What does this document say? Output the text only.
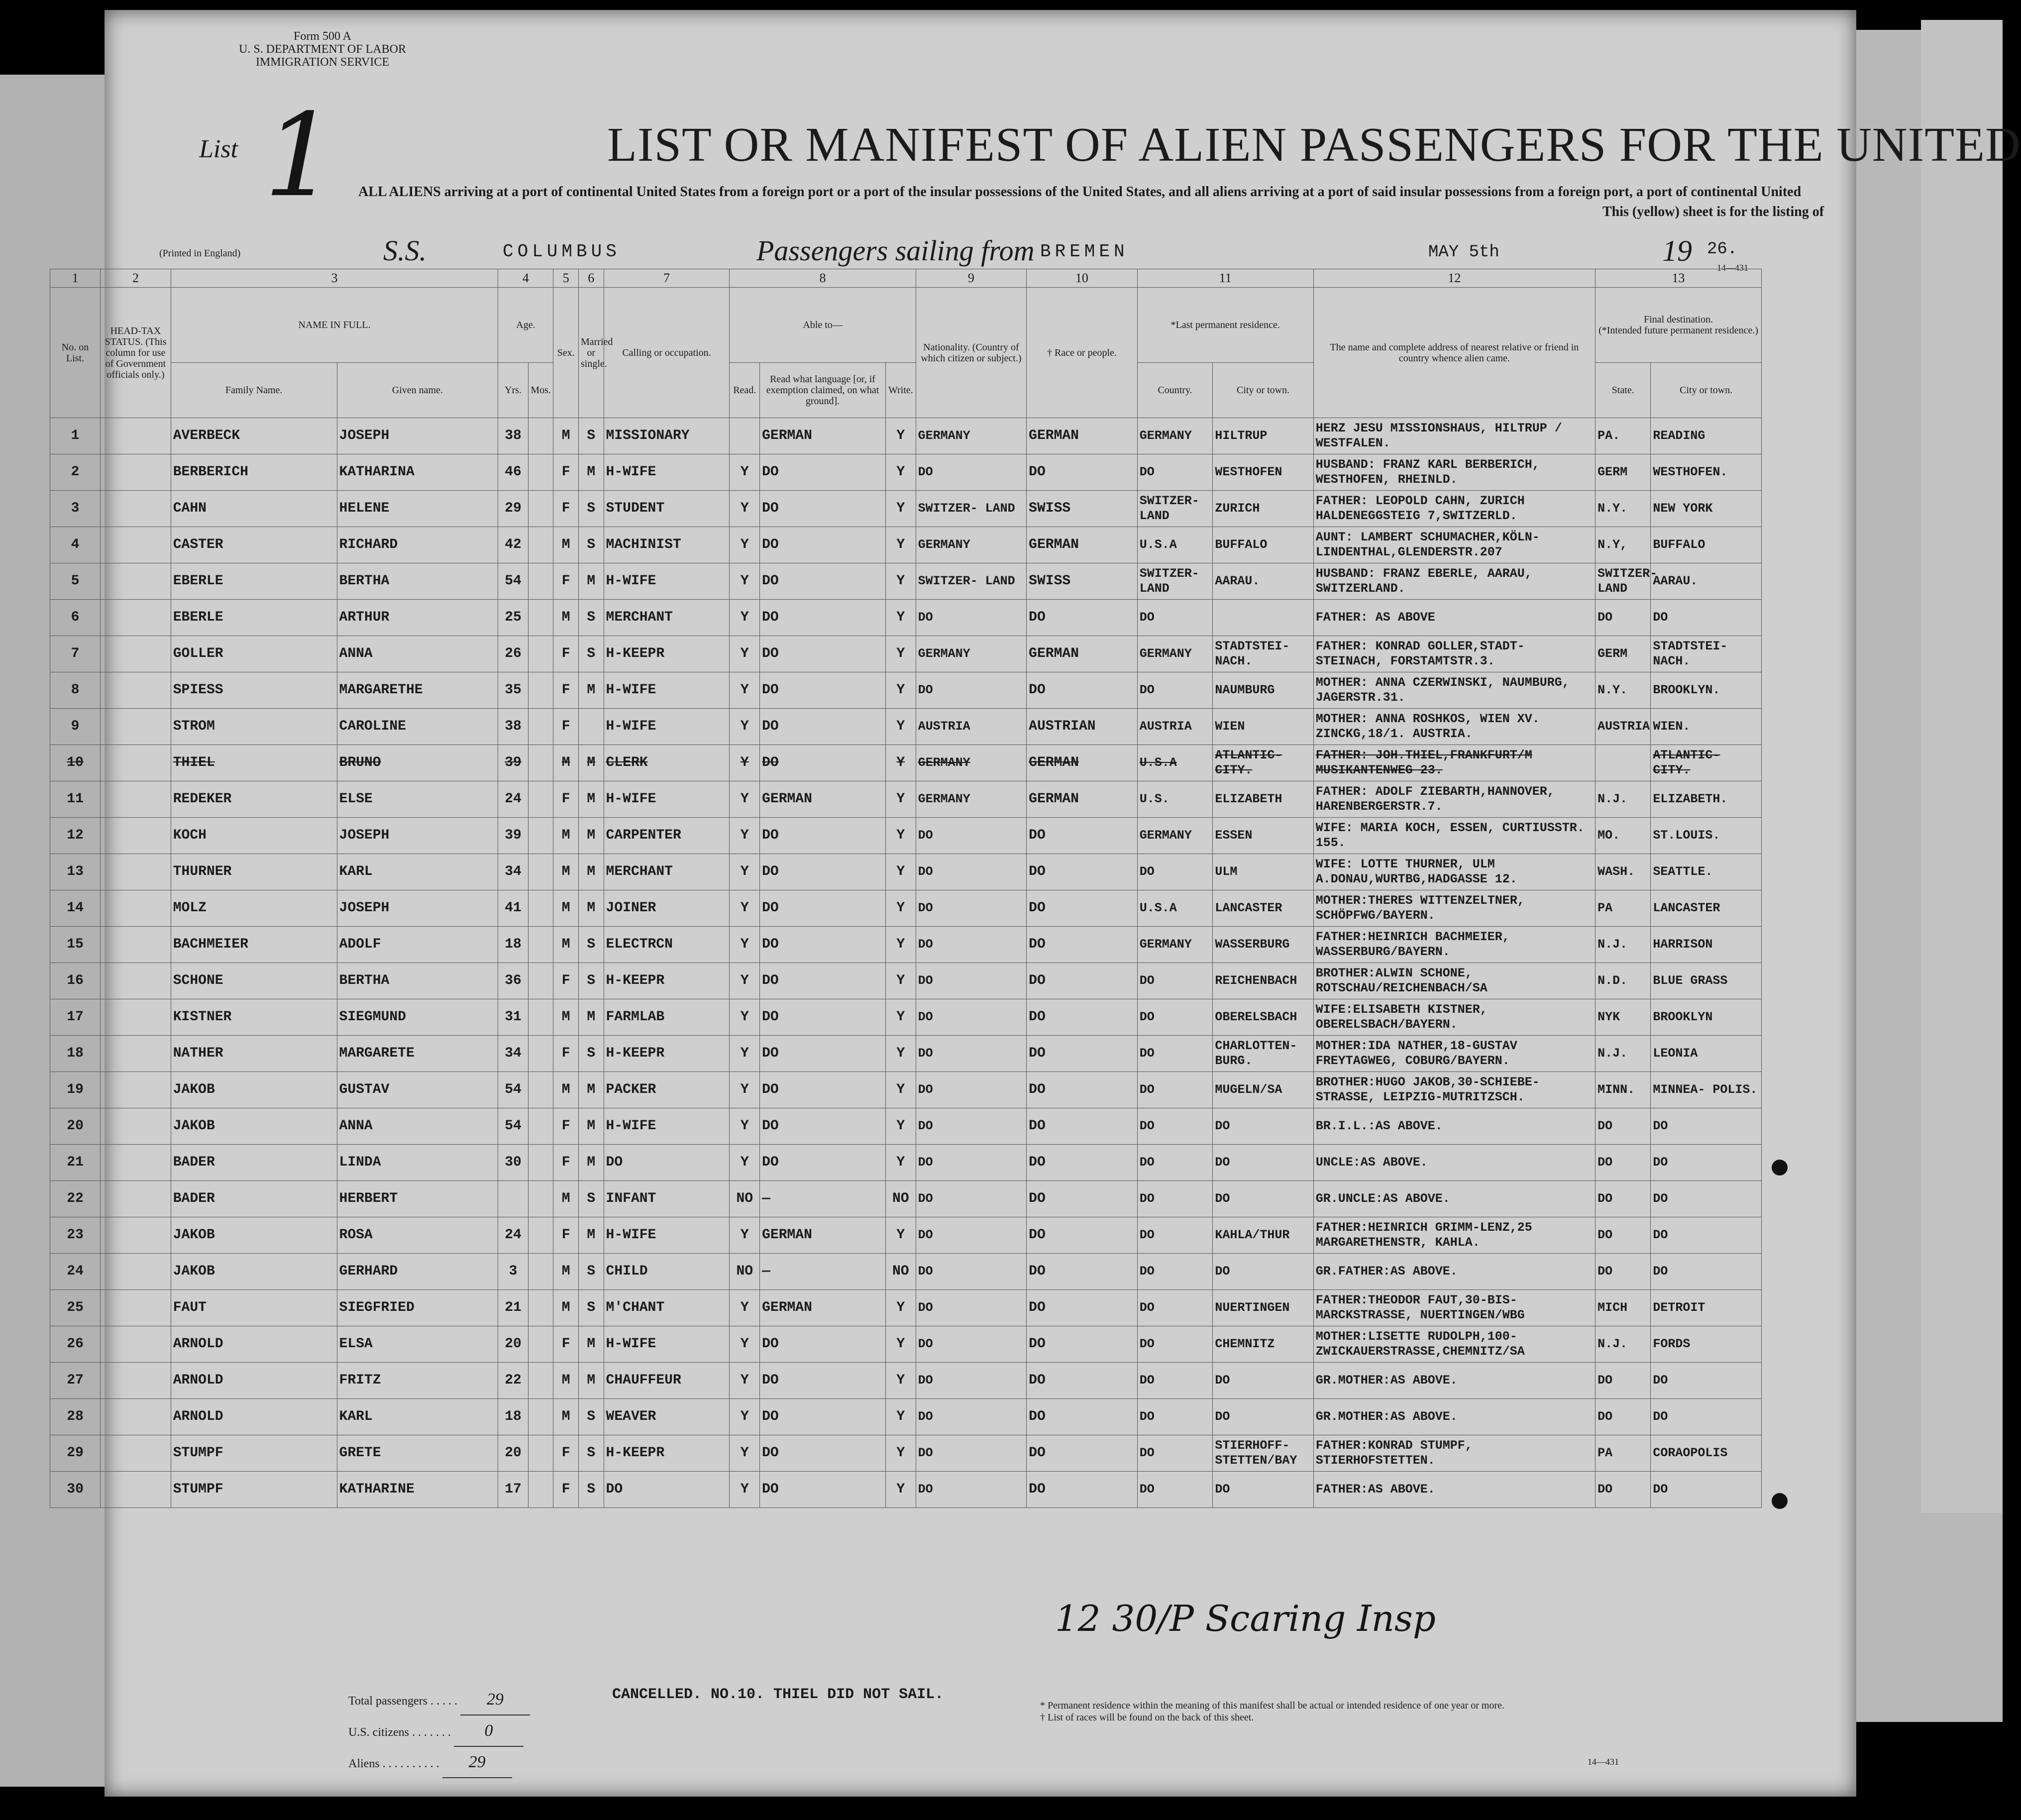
Form 500 A
U. S. DEPARTMENT OF LABOR
IMMIGRATION SERVICE
List 1	LIST OR MANIFEST OF ALIEN PASSENGERS FOR THE UNITED
ALL ALIENS arriving at a port of continental United States from a foreign port or a port of the insular possessions of the United States, and all aliens arriving at a port of said insular possessions from a foreign port, a port of continental United
This (yellow) sheet is for the listing of
(Printed in England)	S.S.	COLUMBUS	Passengers sailing from BREMEN	MAY 5th	19 26.
14—431
1	2	3		4		5	6	7	8			9	10	11		12	13	
No. on List.	HEAD-TAX STATUS. (This column for use of Government officials only.)	NAME IN FULL.		Age.		Sex.	Married or single.	Calling or occupation.	Able to—			Nationality. (Country of which citizen or subject.)	† Race or people.	*Last permanent residence.		The name and complete address of nearest relative or friend in country whence alien came.	Final destination.
(*Intended future permanent residence.)	
		Family Name.	Given name.	Yrs.	Mos.				Read.	Read what language [or, if exemption claimed, on what ground].	Write.			Country.	City or town.		State.	City or town.
1		AVERBECK	JOSEPH	38		M	S	MISSIONARY		GERMAN	Y	GERMANY	GERMAN	GERMANY	HILTRUP	HERZ JESU MISSIONSHAUS, HILTRUP / WESTFALEN.	PA.	READING
2		BERBERICH	KATHARINA	46		F	M	H-WIFE	Y	DO	Y	DO	DO	DO	WESTHOFEN	HUSBAND: FRANZ KARL BERBERICH, WESTHOFEN, RHEINLD.	GERM	WESTHOFEN.
3		CAHN	HELENE	29		F	S	STUDENT	Y	DO	Y	SWITZER- LAND	SWISS	SWITZER- LAND	ZURICH	FATHER: LEOPOLD CAHN, ZURICH HALDENEGGSTEIG 7,SWITZERLD.	N.Y.	NEW YORK
4		CASTER	RICHARD	42		M	S	MACHINIST	Y	DO	Y	GERMANY	GERMAN	U.S.A	BUFFALO	AUNT: LAMBERT SCHUMACHER,KÖLN- LINDENTHAL,GLENDERSTR.207	N.Y,	BUFFALO
5		EBERLE	BERTHA	54		F	M	H-WIFE	Y	DO	Y	SWITZER- LAND	SWISS	SWITZER- LAND	AARAU.	HUSBAND: FRANZ EBERLE, AARAU, SWITZERLAND.	SWITZER- LAND	AARAU.
6		EBERLE	ARTHUR	25		M	S	MERCHANT	Y	DO	Y	DO	DO	DO		FATHER: AS ABOVE	DO	DO
7		GOLLER	ANNA	26		F	S	H-KEEPR	Y	DO	Y	GERMANY	GERMAN	GERMANY	STADTSTEI- NACH.	FATHER: KONRAD GOLLER,STADT- STEINACH, FORSTAMTSTR.3.	GERM	STADTSTEI- NACH.
8		SPIESS	MARGARETHE	35		F	M	H-WIFE	Y	DO	Y	DO	DO	DO	NAUMBURG	MOTHER: ANNA CZERWINSKI, NAUMBURG, JAGERSTR.31.	N.Y.	BROOKLYN.
9		STROM	CAROLINE	38		F		H-WIFE	Y	DO	Y	AUSTRIA	AUSTRIAN	AUSTRIA	WIEN	MOTHER: ANNA ROSHKOS, WIEN XV. ZINCKG,18/1. AUSTRIA.	AUSTRIA	WIEN.
10		THIEL	BRUNO	39		M	M	CLERK	Y	DO	Y	GERMANY	GERMAN	U.S.A	ATLANTIC- CITY.	FATHER: JOH.THIEL,FRANKFURT/M MUSIKANTENWEG 23.		ATLANTIC- CITY.
11		REDEKER	ELSE	24		F	M	H-WIFE	Y	GERMAN	Y	GERMANY	GERMAN	U.S.	ELIZABETH	FATHER: ADOLF ZIEBARTH,HANNOVER, HARENBERGERSTR.7.	N.J.	ELIZABETH.
12		KOCH	JOSEPH	39		M	M	CARPENTER	Y	DO	Y	DO	DO	GERMANY	ESSEN	WIFE: MARIA KOCH, ESSEN, CURTIUSSTR. 155.	MO.	ST.LOUIS.
13		THURNER	KARL	34		M	M	MERCHANT	Y	DO	Y	DO	DO	DO	ULM	WIFE: LOTTE THURNER, ULM A.DONAU,WURTBG,HADGASSE 12.	WASH.	SEATTLE.
14		MOLZ	JOSEPH	41		M	M	JOINER	Y	DO	Y	DO	DO	U.S.A	LANCASTER	MOTHER:THERES WITTENZELTNER, SCHÖPFWG/BAYERN.	PA	LANCASTER
15		BACHMEIER	ADOLF	18		M	S	ELECTRCN	Y	DO	Y	DO	DO	GERMANY	WASSERBURG	FATHER:HEINRICH BACHMEIER, WASSERBURG/BAYERN.	N.J.	HARRISON
16		SCHONE	BERTHA	36		F	S	H-KEEPR	Y	DO	Y	DO	DO	DO	REICHENBACH	BROTHER:ALWIN SCHONE, ROTSCHAU/REICHENBACH/SA	N.D.	BLUE GRASS
17		KISTNER	SIEGMUND	31		M	M	FARMLAB	Y	DO	Y	DO	DO	DO	OBERELSBACH	WIFE:ELISABETH KISTNER, OBERELSBACH/BAYERN.	NYK	BROOKLYN
18		NATHER	MARGARETE	34		F	S	H-KEEPR	Y	DO	Y	DO	DO	DO	CHARLOTTEN- BURG.	MOTHER:IDA NATHER,18-GUSTAV FREYTAGWEG, COBURG/BAYERN.	N.J.	LEONIA
19		JAKOB	GUSTAV	54		M	M	PACKER	Y	DO	Y	DO	DO	DO	MUGELN/SA	BROTHER:HUGO JAKOB,30-SCHIEBE- STRASSE, LEIPZIG-MUTRITZSCH.	MINN.	MINNEA- POLIS.
20		JAKOB	ANNA	54		F	M	H-WIFE	Y	DO	Y	DO	DO	DO	DO	BR.I.L.:AS ABOVE.	DO	DO
21		BADER	LINDA	30		F	M	DO	Y	DO	Y	DO	DO	DO	DO	UNCLE:AS ABOVE.	DO	DO
22		BADER	HERBERT			M	S	INFANT	NO	—	NO	DO	DO	DO	DO	GR.UNCLE:AS ABOVE.	DO	DO
23		JAKOB	ROSA	24		F	M	H-WIFE	Y	GERMAN	Y	DO	DO	DO	KAHLA/THUR	FATHER:HEINRICH GRIMM-LENZ,25 MARGARETHENSTR, KAHLA.	DO	DO
24		JAKOB	GERHARD	3		M	S	CHILD	NO	—	NO	DO	DO	DO	DO	GR.FATHER:AS ABOVE.	DO	DO
25		FAUT	SIEGFRIED	21		M	S	M'CHANT	Y	GERMAN	Y	DO	DO	DO	NUERTINGEN	FATHER:THEODOR FAUT,30-BIS- MARCKSTRASSE, NUERTINGEN/WBG	MICH	DETROIT
26		ARNOLD	ELSA	20		F	M	H-WIFE	Y	DO	Y	DO	DO	DO	CHEMNITZ	MOTHER:LISETTE RUDOLPH,100- ZWICKAUERSTRASSE,CHEMNITZ/SA	N.J.	FORDS
27		ARNOLD	FRITZ	22		M	M	CHAUFFEUR	Y	DO	Y	DO	DO	DO	DO	GR.MOTHER:AS ABOVE.	DO	DO
28		ARNOLD	KARL	18		M	S	WEAVER	Y	DO	Y	DO	DO	DO	DO	GR.MOTHER:AS ABOVE.	DO	DO
29		STUMPF	GRETE	20		F	S	H-KEEPR	Y	DO	Y	DO	DO	DO	STIERHOFF- STETTEN/BAY	FATHER:KONRAD STUMPF, STIERHOFSTETTEN.	PA	CORAOPOLIS
30		STUMPF	KATHARINE	17		F	S	DO	Y	DO	Y	DO	DO	DO	DO	FATHER:AS ABOVE.	DO	DO
Total passengers . . . . . 29
U.S. citizens . . . . . . . 0
Aliens . . . . . . . . . . 29
CANCELLED. NO.10. THIEL DID NOT SAIL.
* Permanent residence within the meaning of this manifest shall be actual or intended residence of one year or more.
† List of races will be found on the back of this sheet.
14—431
12 30/P Scaring Insp
